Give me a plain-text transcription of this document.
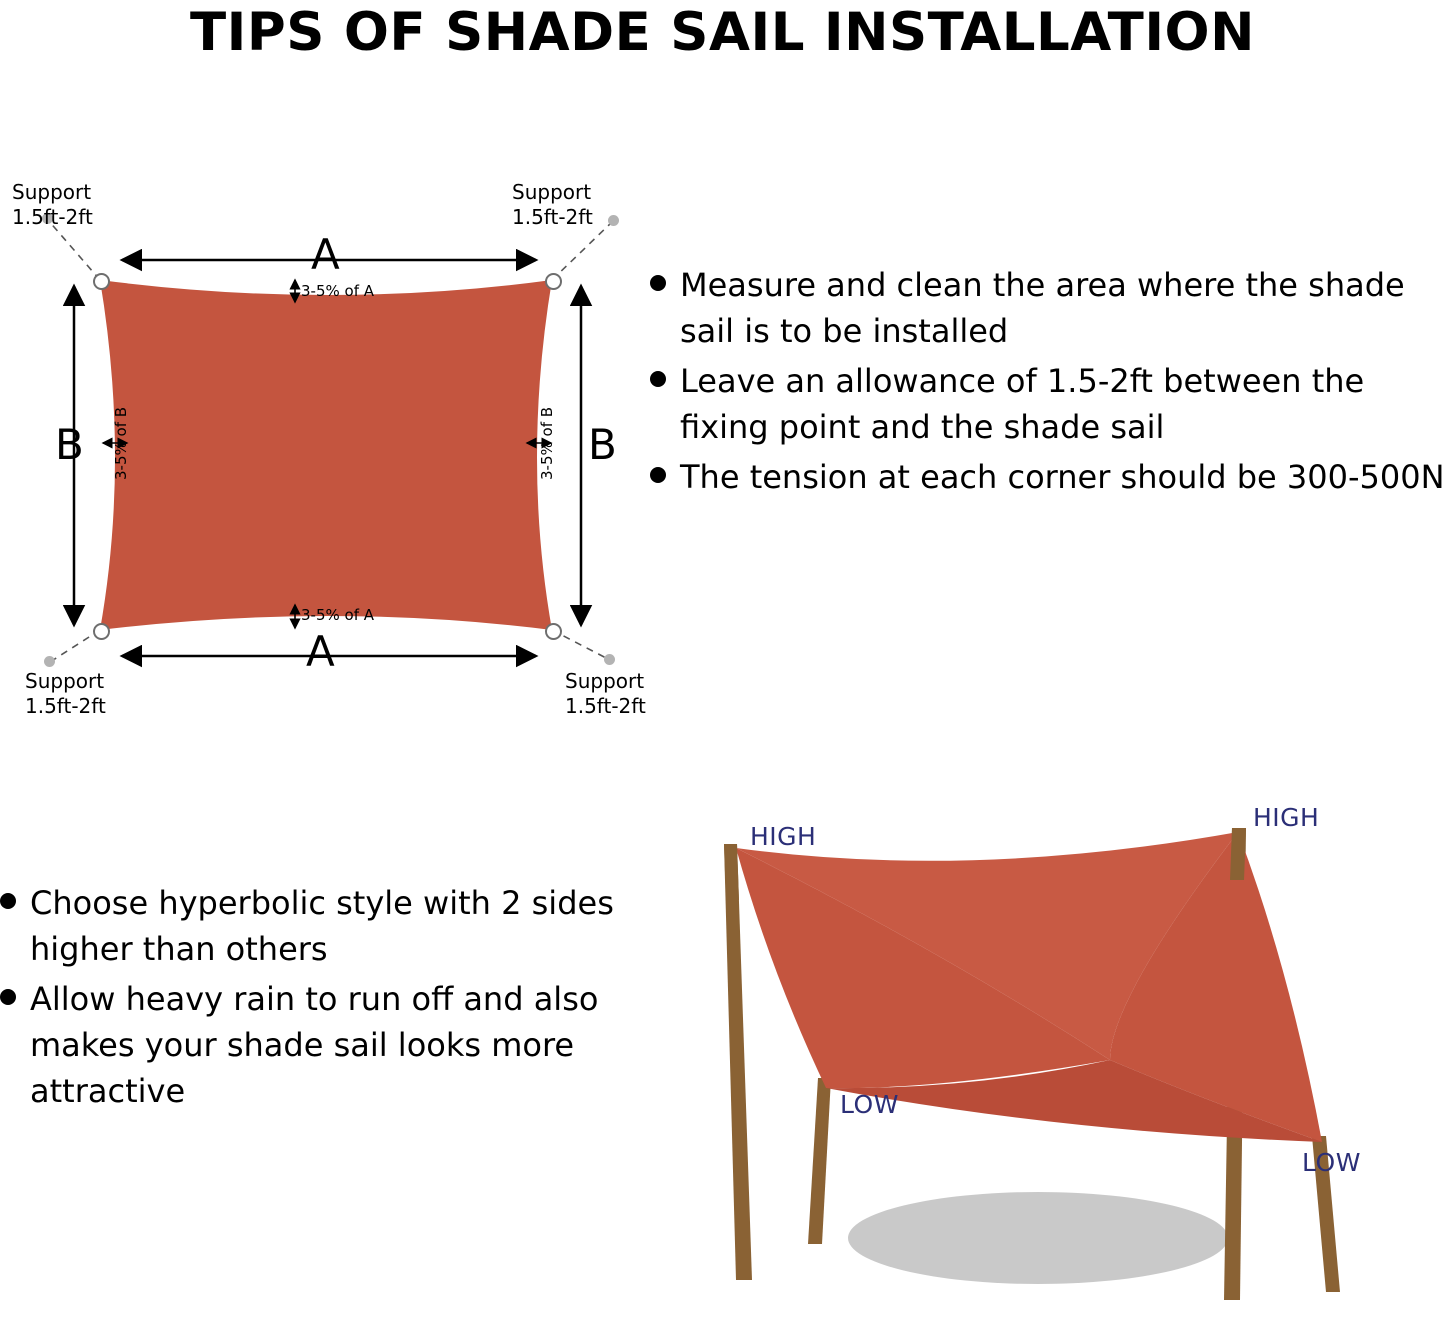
TIPS OF SHADE SAIL INSTALLATION
Support
1.5ft-2ft
Support
1.5ft-2ft
Support
1.5ft-2ft
Support
1.5ft-2ft
A
A
B	B
3-5% of A
3-5% of A
3-5% of B	3-5% of B
Measure and clean the area where the shade sail is to be installed
Leave an allowance of 1.5-2ft between the fixing point and the shade sail
The tension at each corner should be 300-500N
Choose hyperbolic style with 2 sides higher than others
Allow heavy rain to run off and also makes your shade sail looks more attractive
HIGH
HIGH
LOW
LOW
